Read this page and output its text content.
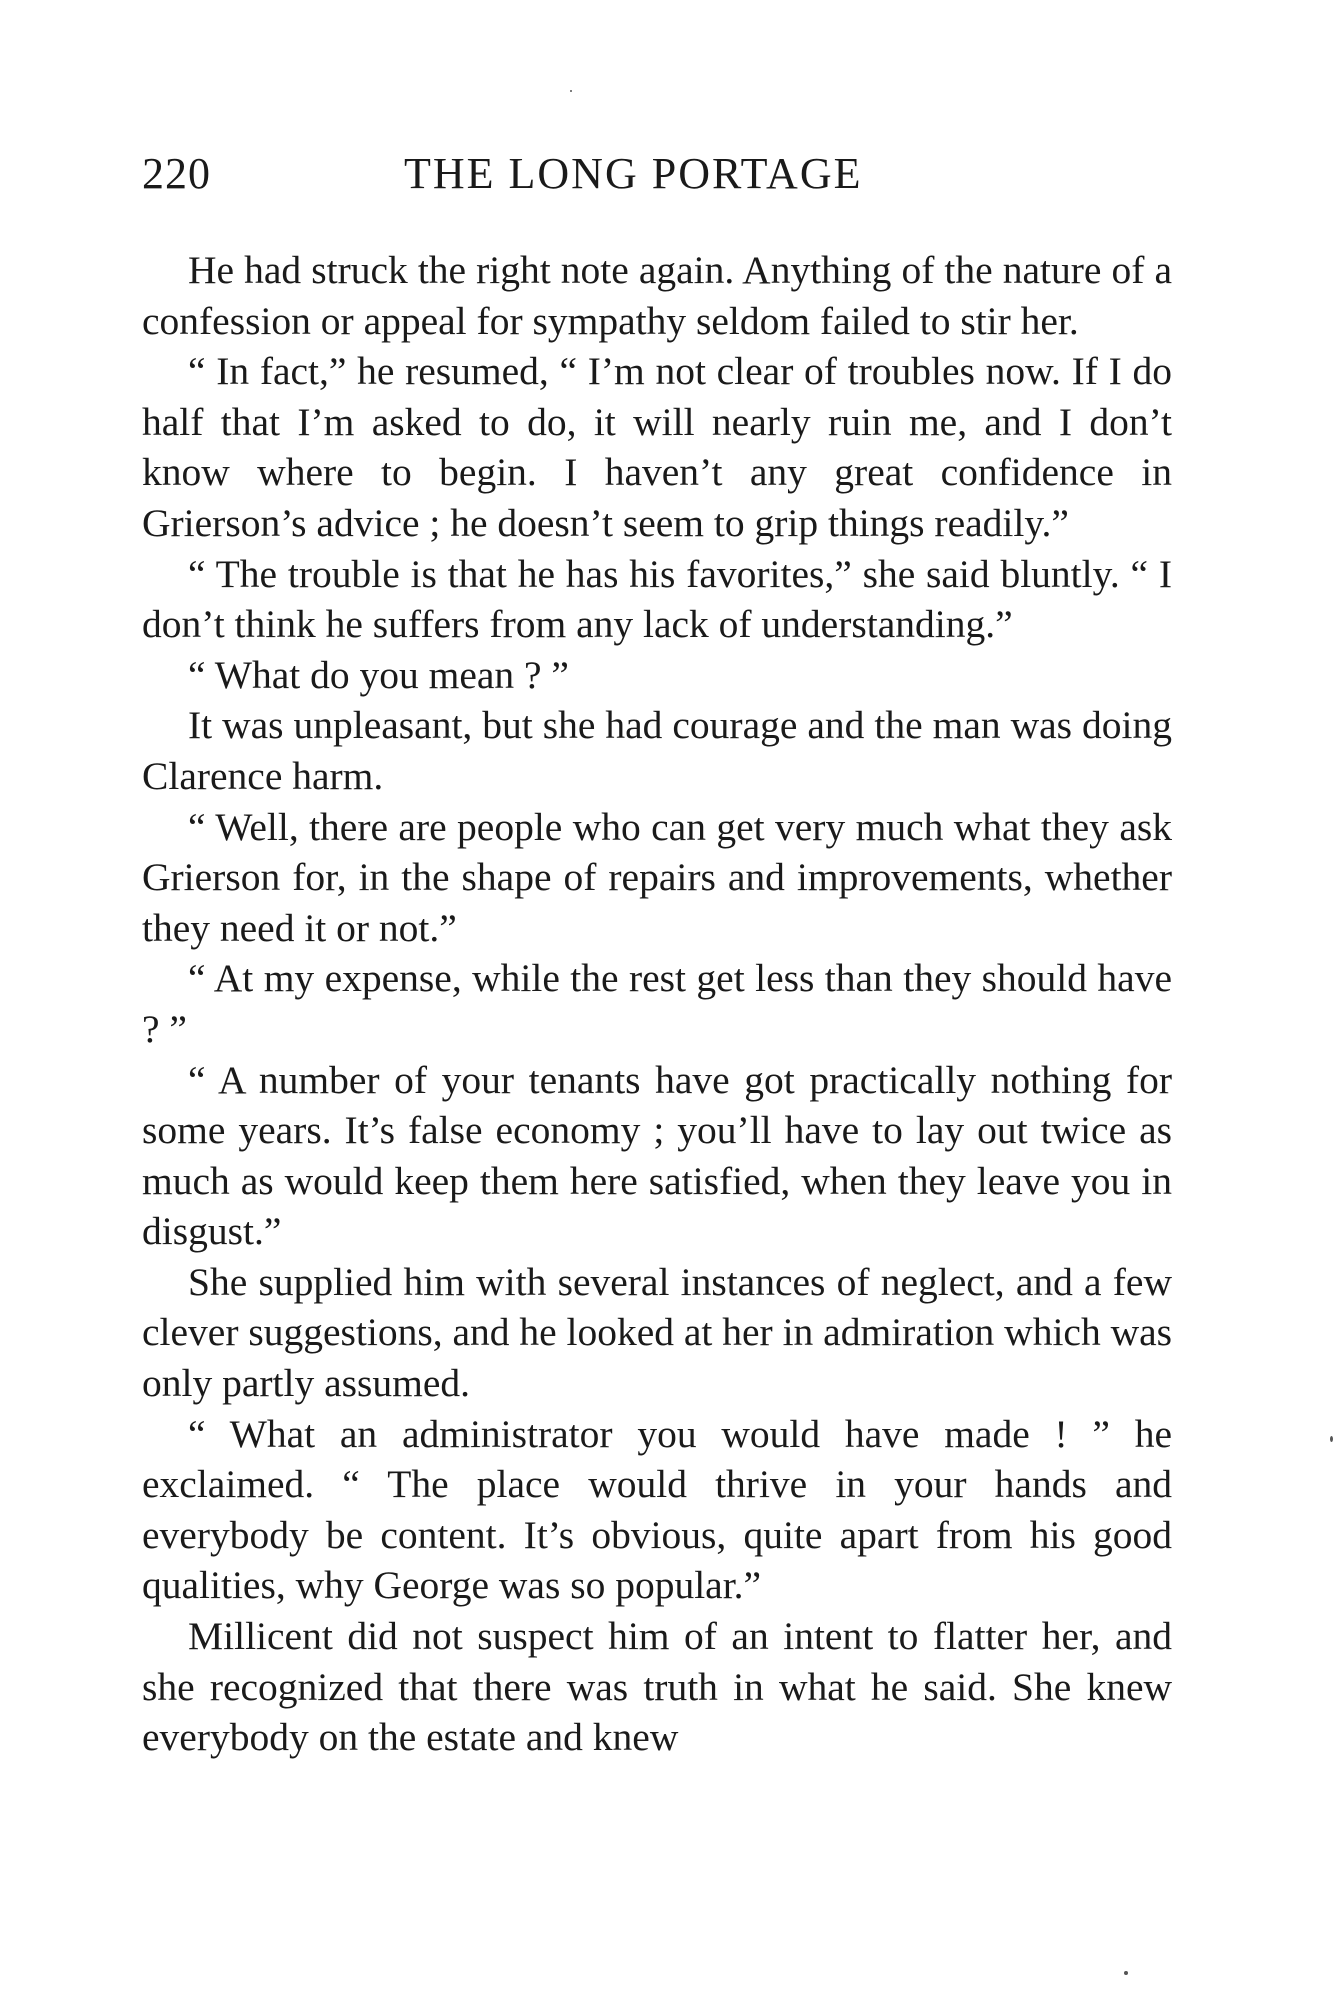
220	THE LONG PORTAGE

He had struck the right note again. Anything of the nature of a confession or appeal for sympathy seldom failed to stir her.

“ In fact,” he resumed, “ I’m not clear of troubles now. If I do half that I’m asked to do, it will nearly ruin me, and I don’t know where to begin. I haven’t any great confidence in Grierson’s advice ; he doesn’t seem to grip things readily.”

“ The trouble is that he has his favorites,” she said bluntly. “ I don’t think he suffers from any lack of understanding.”

“ What do you mean ? ”

It was unpleasant, but she had courage and the man was doing Clarence harm.

“ Well, there are people who can get very much what they ask Grierson for, in the shape of repairs and improvements, whether they need it or not.”

“ At my expense, while the rest get less than they should have ? ”

“ A number of your tenants have got practically nothing for some years. It’s false economy ; you’ll have to lay out twice as much as would keep them here satisfied, when they leave you in disgust.”

She supplied him with several instances of neglect, and a few clever suggestions, and he looked at her in admiration which was only partly assumed.

“ What an administrator you would have made ! ” he exclaimed. “ The place would thrive in your hands and everybody be content. It’s obvious, quite apart from his good qualities, why George was so popular.”

Millicent did not suspect him of an intent to flatter her, and she recognized that there was truth in what he said. She knew everybody on the estate and knew
